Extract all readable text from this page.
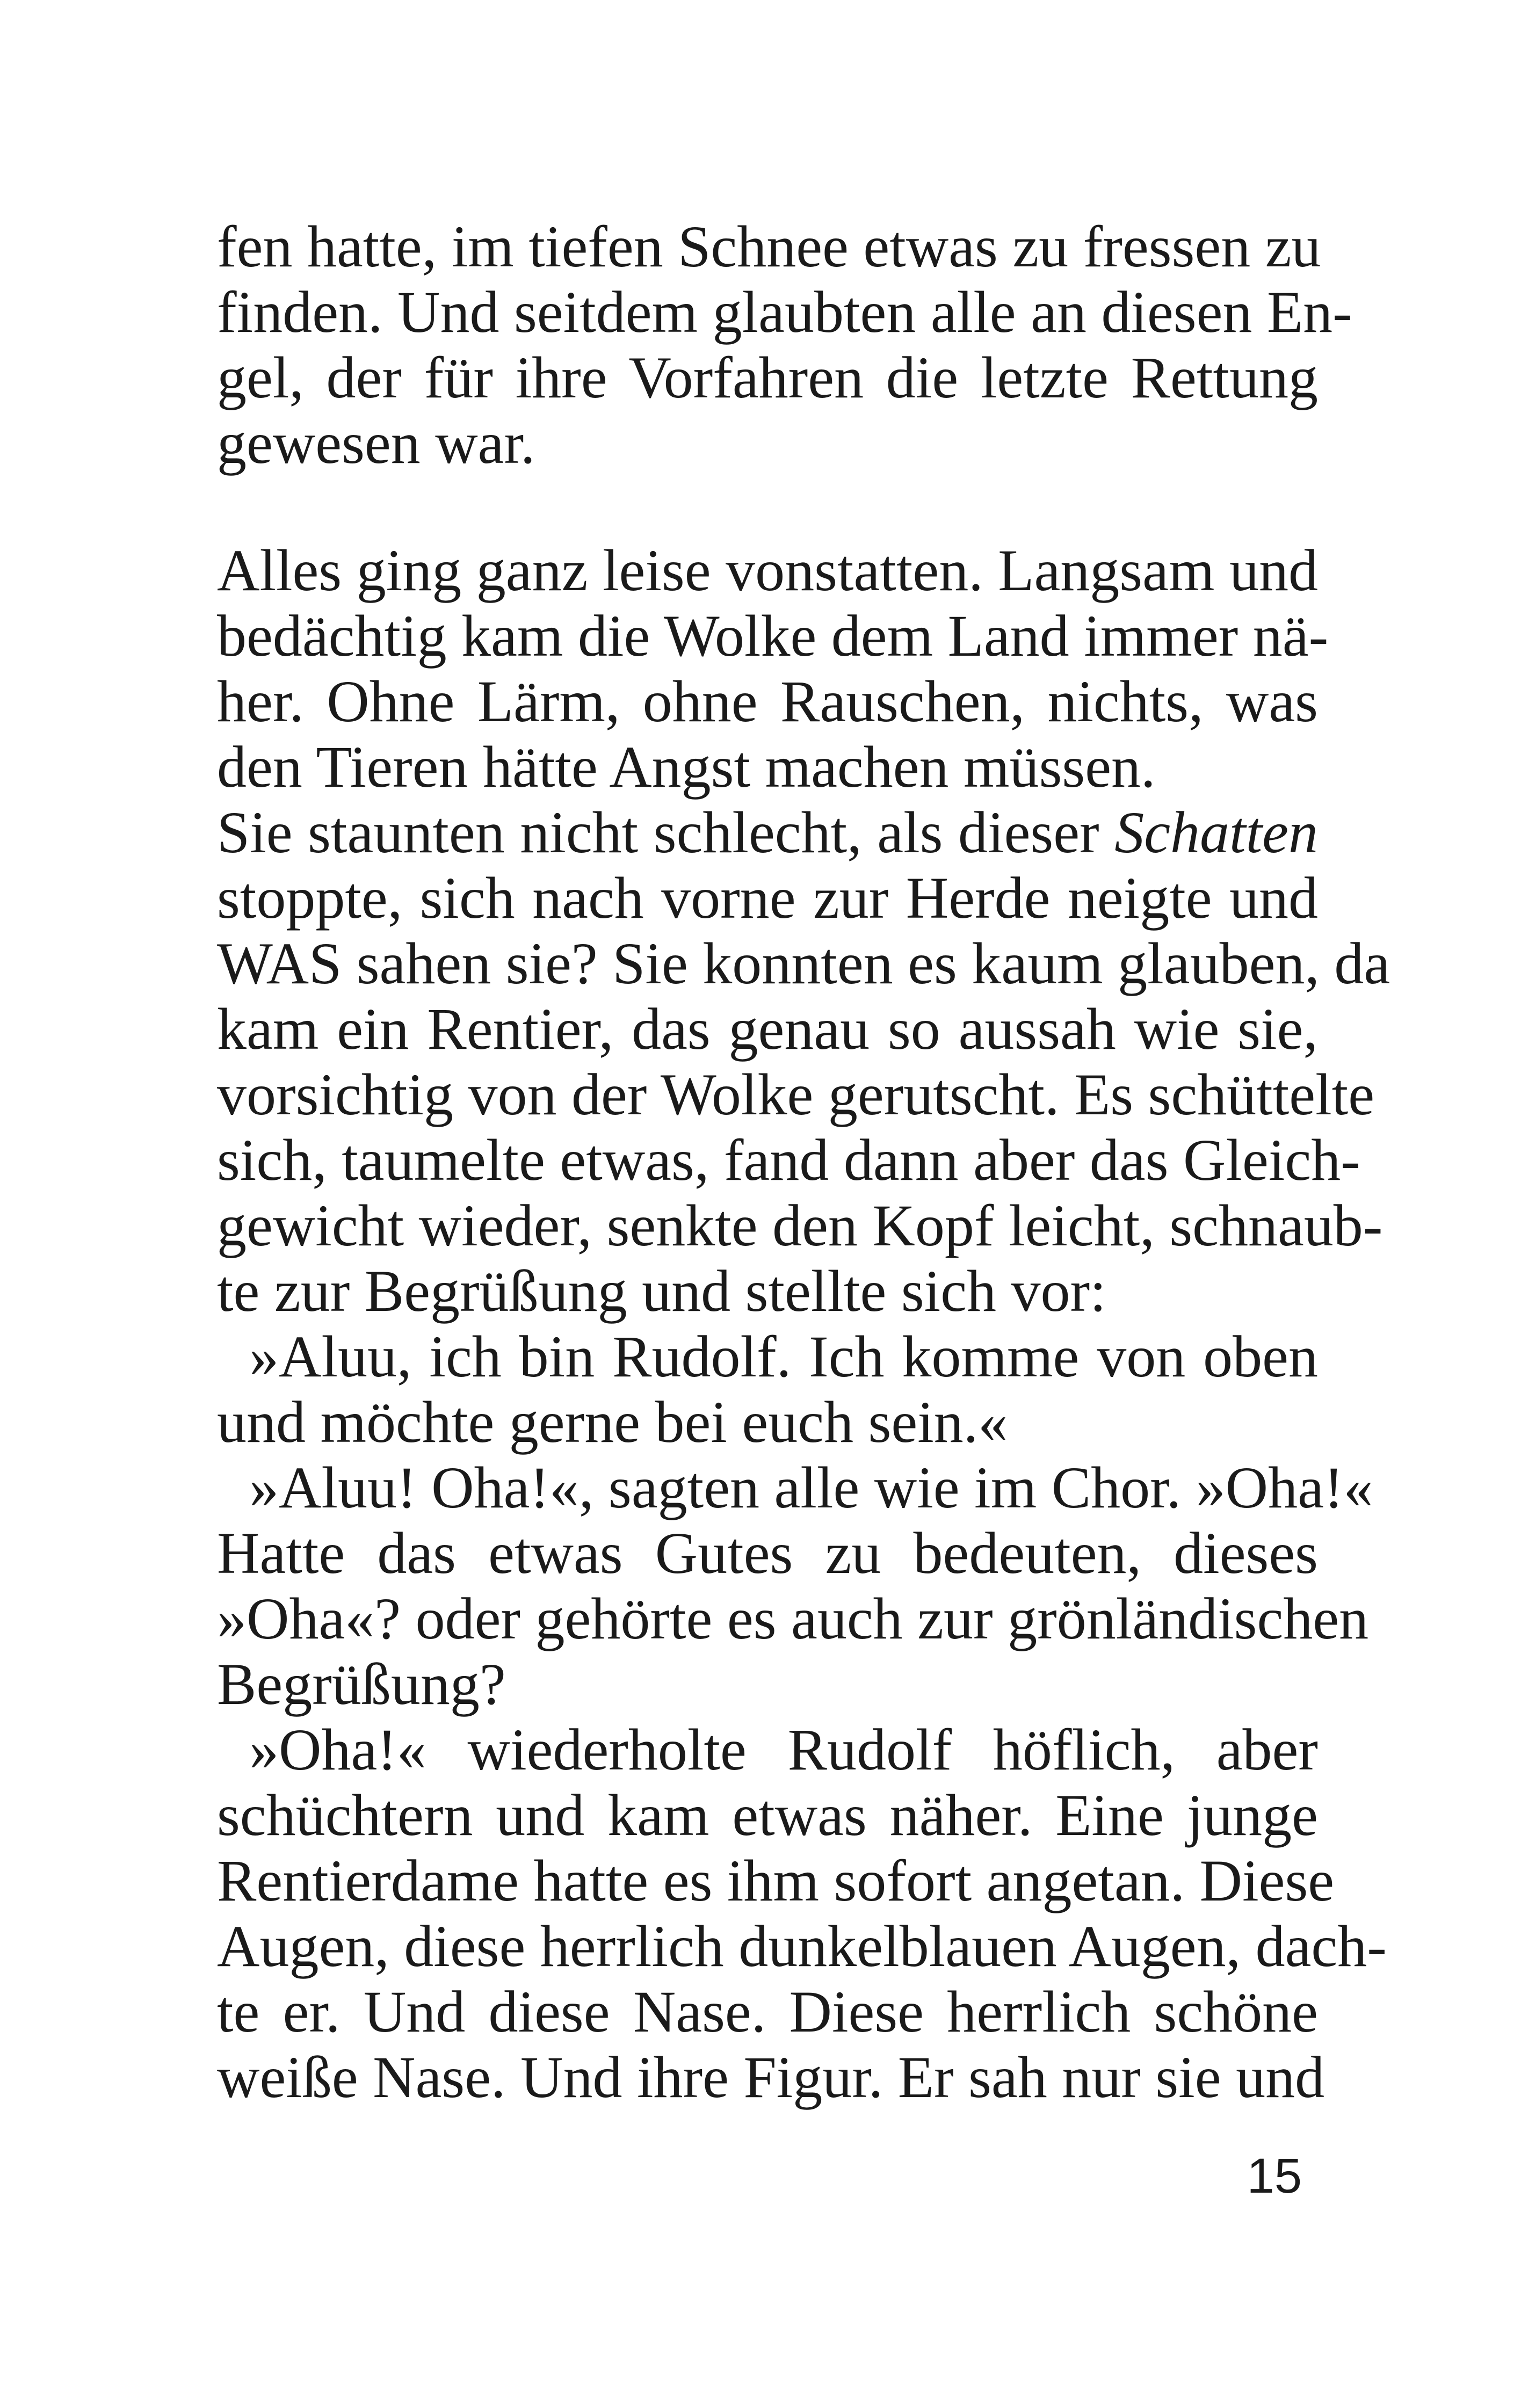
fen hatte, im tiefen Schnee etwas zu fressen zu
finden. Und seitdem glaubten alle an diesen En-
gel, der für ihre Vorfahren die letzte Rettung
gewesen war.
Alles ging ganz leise vonstatten. Langsam und
bedächtig kam die Wolke dem Land immer nä-
her. Ohne Lärm, ohne Rauschen, nichts, was
den Tieren hätte Angst machen müssen.
Sie staunten nicht schlecht, als dieser Schatten
stoppte, sich nach vorne zur Herde neigte und
WAS sahen sie? Sie konnten es kaum glauben, da
kam ein Rentier, das genau so aussah wie sie,
vorsichtig von der Wolke gerutscht. Es schüttelte
sich, taumelte etwas, fand dann aber das Gleich-
gewicht wieder, senkte den Kopf leicht, schnaub-
te zur Begrüßung und stellte sich vor:
»Aluu, ich bin Rudolf. Ich komme von oben
und möchte gerne bei euch sein.«
»Aluu! Oha!«, sagten alle wie im Chor. »Oha!«
Hatte das etwas Gutes zu bedeuten, dieses
»Oha«? oder gehörte es auch zur grönländischen
Begrüßung?
»Oha!« wiederholte Rudolf höflich, aber
schüchtern und kam etwas näher. Eine junge
Rentierdame hatte es ihm sofort angetan. Diese
Augen, diese herrlich dunkelblauen Augen, dach-
te er. Und diese Nase. Diese herrlich schöne
weiße Nase. Und ihre Figur. Er sah nur sie und
15
